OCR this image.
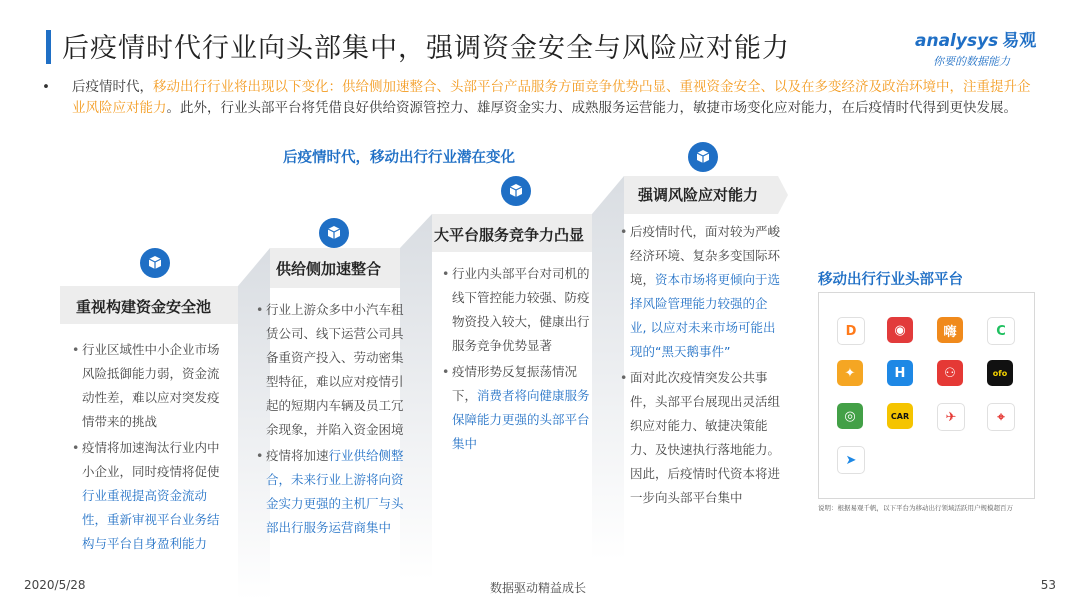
后疫情时代行业向头部集中，强调资金安全与风险应对能力	analysys 易观
你要的数据能力
• 后疫情时代，移动出行行业将出现以下变化：供给侧加速整合、头部平台产品服务方面竞争优势凸显、重视资金安全、以及在多变经济及政治环境中，注重提升企业风险应对能力。此外，行业头部平台将凭借良好供给资源管控力、雄厚资金实力、成熟服务运营能力，敏捷市场变化应对能力，在后疫情时代得到更快发展。

后疫情时代，移动出行行业潜在变化
重视构建资金安全池
供给侧加速整合
大平台服务竞争力凸显
强调风险应对能力
• 行业区域性中小企业市场风险抵御能力弱，资金流动性差，难以应对突发疫情带来的挑战
• 疫情将加速淘汰行业内中小企业，同时疫情将促使行业重视提高资金流动性，重新审视平台业务结构与平台自身盈利能力
• 行业上游众多中小汽车租赁公司、线下运营公司具备重资产投入、劳动密集型特征，难以应对疫情引起的短期内车辆及员工冗余现象，并陷入资金困境
• 疫情将加速行业供给侧整合，未来行业上游将向资金实力更强的主机厂与头部出行服务运营商集中
• 行业内头部平台对司机的线下管控能力较强、防疫物资投入较大，健康出行服务竞争优势显著
• 疫情形势反复振荡情况下，消费者将向健康服务保障能力更强的头部平台集中
• 后疫情时代，面对较为严峻经济环境、复杂多变国际环境，资本市场将更倾向于选择风险管理能力较强的企业, 以应对未来市场可能出现的“黑天鹅事件”
• 面对此次疫情突发公共事件，头部平台展现出灵活组织应对能力、敏捷决策能力、及快速执行落地能力。因此，后疫情时代资本将进一步向头部平台集中
移动出行行业头部平台
D	◉	嗨	C
✦	H	⚇	ofo
◎	CAR	✈	⌖
➤
说明：根据易观千帆，以下平台为移动出行领域活跃用户规模超百万
2020/5/28	数据驱动精益成长	53
